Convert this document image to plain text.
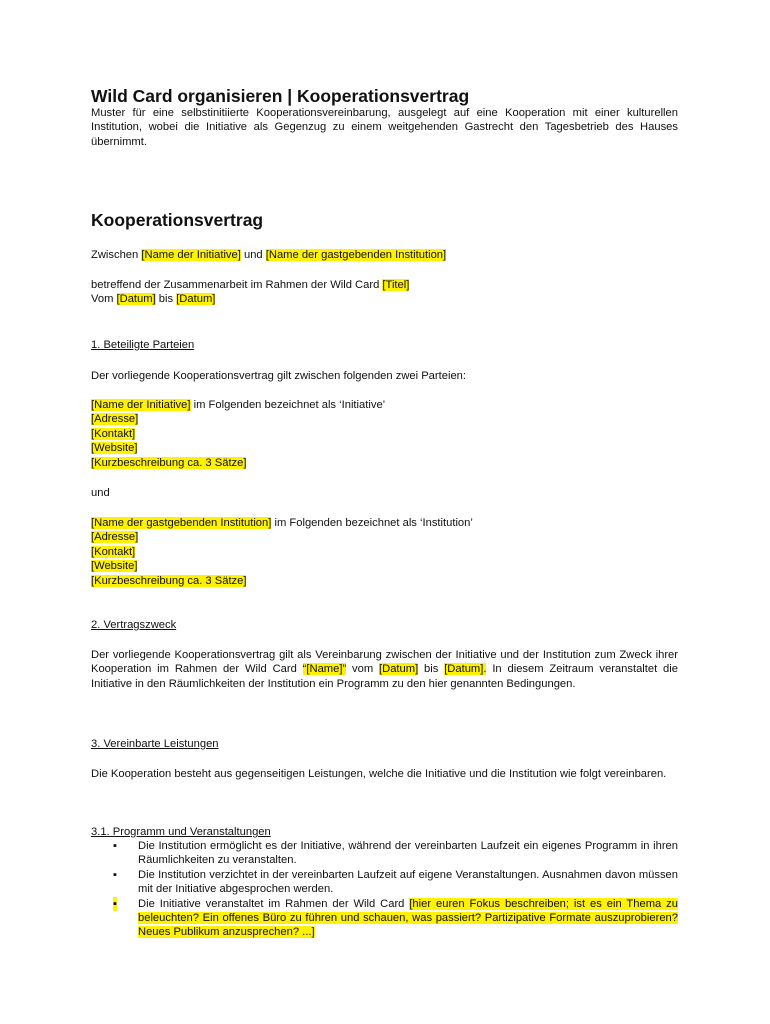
Wild Card organisieren | Kooperationsvertrag
Muster für eine selbstinitiierte Kooperationsvereinbarung, ausgelegt auf eine Kooperation mit einer kulturellen Institution, wobei die Initiative als Gegenzug zu einem weitgehenden Gastrecht den Tagesbetrieb des Hauses übernimmt.
Kooperationsvertrag
Zwischen [Name der Initiative] und [Name der gastgebenden Institution]
betreffend der Zusammenarbeit im Rahmen der Wild Card [Titel]
Vom [Datum] bis [Datum]
1. Beteiligte Parteien
Der vorliegende Kooperationsvertrag gilt zwischen folgenden zwei Parteien:
[Name der Initiative] im Folgenden bezeichnet als ‘Initiative’
[Adresse]
[Kontakt]
[Website]
[Kurzbeschreibung ca. 3 Sätze]
und
[Name der gastgebenden Institution] im Folgenden bezeichnet als ‘Institution’
[Adresse]
[Kontakt]
[Website]
[Kurzbeschreibung ca. 3 Sätze]
2. Vertragszweck
Der vorliegende Kooperationsvertrag gilt als Vereinbarung zwischen der Initiative und der Institution zum Zweck ihrer Kooperation im Rahmen der Wild Card “[Name]” vom [Datum] bis [Datum]. In diesem Zeitraum veranstaltet die Initiative in den Räumlichkeiten der Institution ein Programm zu den hier genannten Bedingungen.
3. Vereinbarte Leistungen
Die Kooperation besteht aus gegenseitigen Leistungen, welche die Initiative und die Institution wie folgt vereinbaren.
3.1. Programm und Veranstaltungen
▪ Die Institution ermöglicht es der Initiative, während der vereinbarten Laufzeit ein eigenes Programm in ihren Räumlichkeiten zu veranstalten.
▪ Die Institution verzichtet in der vereinbarten Laufzeit auf eigene Veranstaltungen. Ausnahmen davon müssen mit der Initiative abgesprochen werden.
▪ Die Initiative veranstaltet im Rahmen der Wild Card [hier euren Fokus beschreiben; ist es ein Thema zu beleuchten? Ein offenes Büro zu führen und schauen, was passiert? Partizipative Formate auszuprobieren? Neues Publikum anzusprechen? ...]
